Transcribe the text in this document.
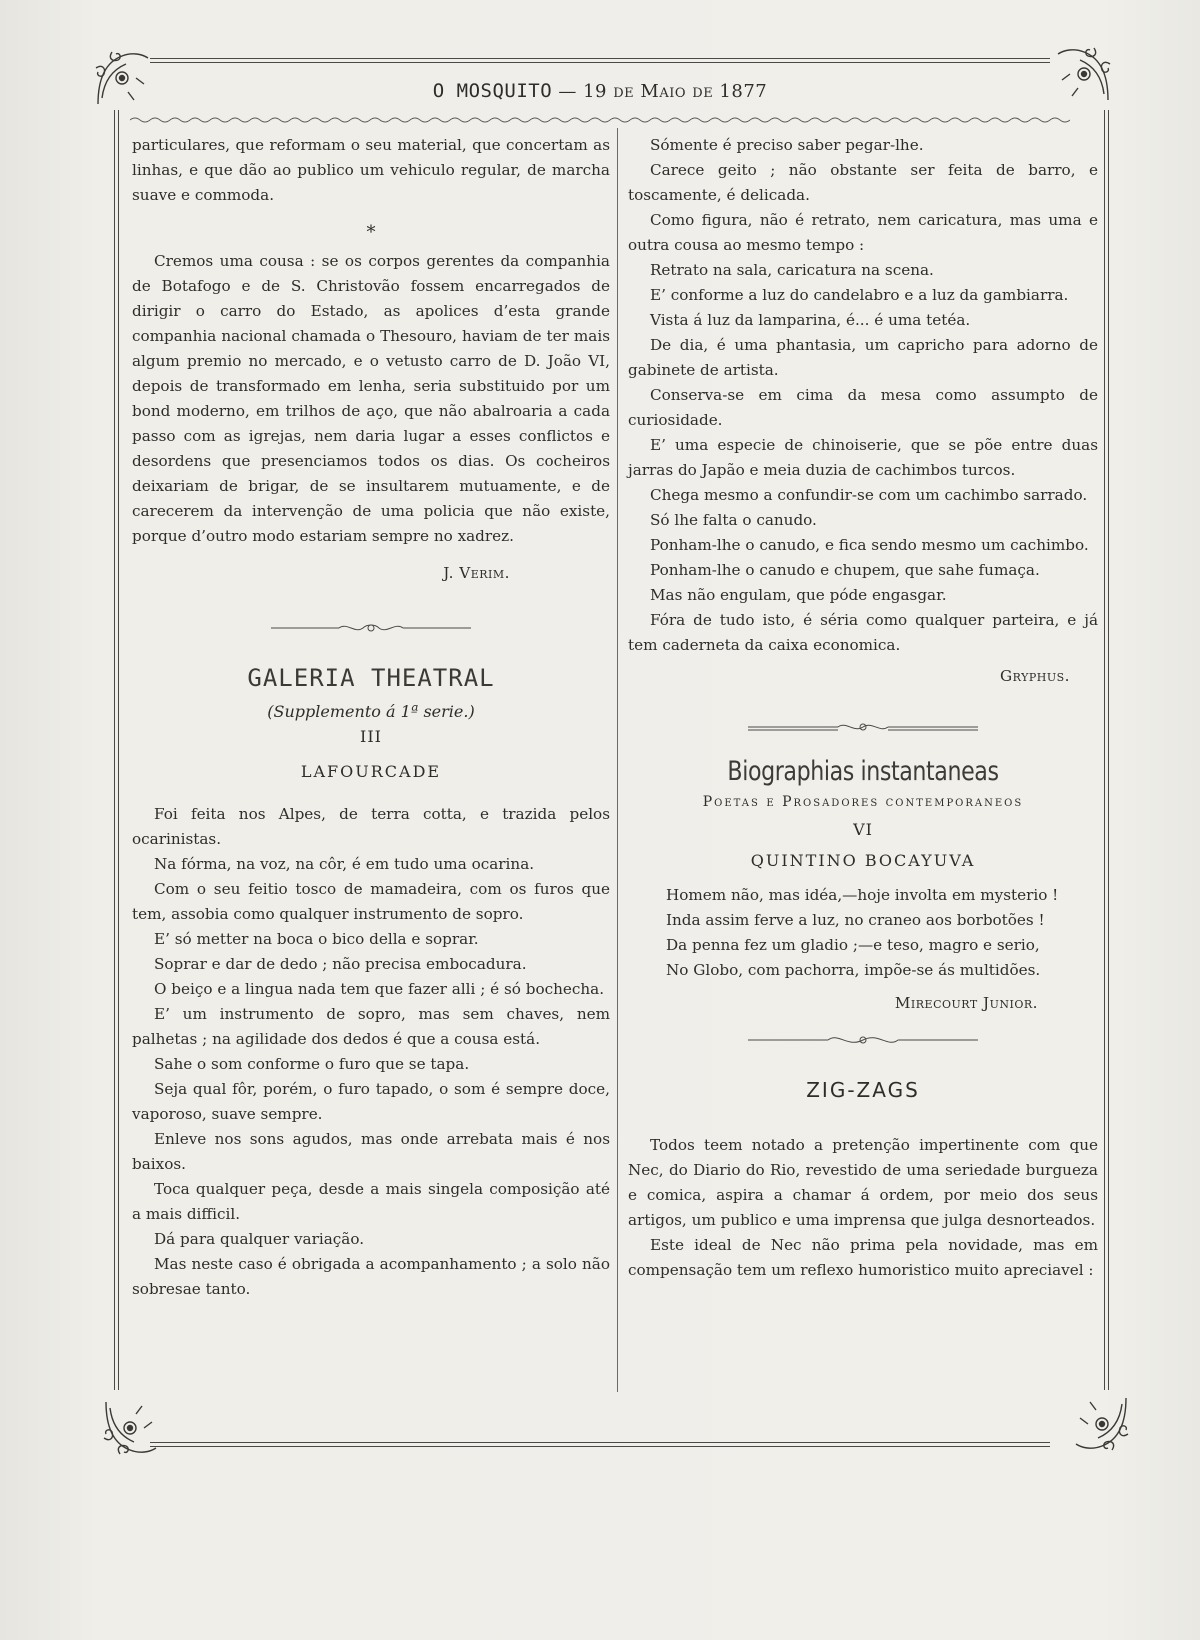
O MOSQUITO — 19 de Maio de 1877

particulares, que reformam o seu material, que concertam as linhas, e que dão ao publico um vehiculo regular, de marcha suave e commoda.

*

Cremos uma cousa : se os corpos gerentes da companhia de Botafogo e de S. Christovão fossem encarregados de dirigir o carro do Estado, as apolices d’esta grande companhia nacional chamada o Thesouro, haviam de ter mais algum premio no mercado, e o vetusto carro de D. João VI, depois de transformado em lenha, seria substituido por um bond moderno, em trilhos de aço, que não abalroaria a cada passo com as igrejas, nem daria lugar a esses conflictos e desordens que presenciamos todos os dias. Os cocheiros deixariam de brigar, de se insultarem mutuamente, e de carecerem da intervenção de uma policia que não existe, porque d’outro modo estariam sempre no xadrez.

J. Verim.

GALERIA THEATRAL
(Supplemento á 1ª serie.)
III
LAFOURCADE

Foi feita nos Alpes, de terra cotta, e trazida pelos ocarinistas.

Na fórma, na voz, na côr, é em tudo uma ocarina.

Com o seu feitio tosco de mamadeira, com os furos que tem, assobia como qualquer instrumento de sopro.

E’ só metter na boca o bico della e soprar.

Soprar e dar de dedo ; não precisa embocadura.

O beiço e a lingua nada tem que fazer alli ; é só bochecha.

E’ um instrumento de sopro, mas sem chaves, nem palhetas ; na agilidade dos dedos é que a cousa está.

Sahe o som conforme o furo que se tapa.

Seja qual fôr, porém, o furo tapado, o som é sempre doce, vaporoso, suave sempre.

Enleve nos sons agudos, mas onde arrebata mais é nos baixos.

Toca qualquer peça, desde a mais singela composição até a mais difficil.

Dá para qualquer variação.

Mas neste caso é obrigada a acompanhamento ; a solo não sobresae tanto.

Sómente é preciso saber pegar-lhe.

Carece geito ; não obstante ser feita de barro, e toscamente, é delicada.

Como figura, não é retrato, nem caricatura, mas uma e outra cousa ao mesmo tempo :

Retrato na sala, caricatura na scena.

E’ conforme a luz do candelabro e a luz da gambiarra.

Vista á luz da lamparina, é... é uma tetéa.

De dia, é uma phantasia, um capricho para adorno de gabinete de artista.

Conserva-se em cima da mesa como assumpto de curiosidade.

E’ uma especie de chinoiserie, que se põe entre duas jarras do Japão e meia duzia de cachimbos turcos.

Chega mesmo a confundir-se com um cachimbo sarrado.

Só lhe falta o canudo.

Ponham-lhe o canudo, e fica sendo mesmo um cachimbo.

Ponham-lhe o canudo e chupem, que sahe fumaça.

Mas não engulam, que póde engasgar.

Fóra de tudo isto, é séria como qualquer parteira, e já tem caderneta da caixa economica.

Gryphus.

Biographias instantaneas
Poetas e Prosadores contemporaneos
VI
QUINTINO BOCAYUVA

Homem não, mas idéa,—hoje involta em mysterio !

Inda assim ferve a luz, no craneo aos borbotões !

Da penna fez um gladio ;—e teso, magro e serio,

No Globo, com pachorra, impõe-se ás multidões.

Mirecourt Junior.

ZIG-ZAGS

Todos teem notado a pretenção impertinente com que Nec, do Diario do Rio, revestido de uma seriedade burgueza e comica, aspira a chamar á ordem, por meio dos seus artigos, um publico e uma imprensa que julga desnorteados.

Este ideal de Nec não prima pela novidade, mas em compensação tem um reflexo humoristico muito apreciavel :
